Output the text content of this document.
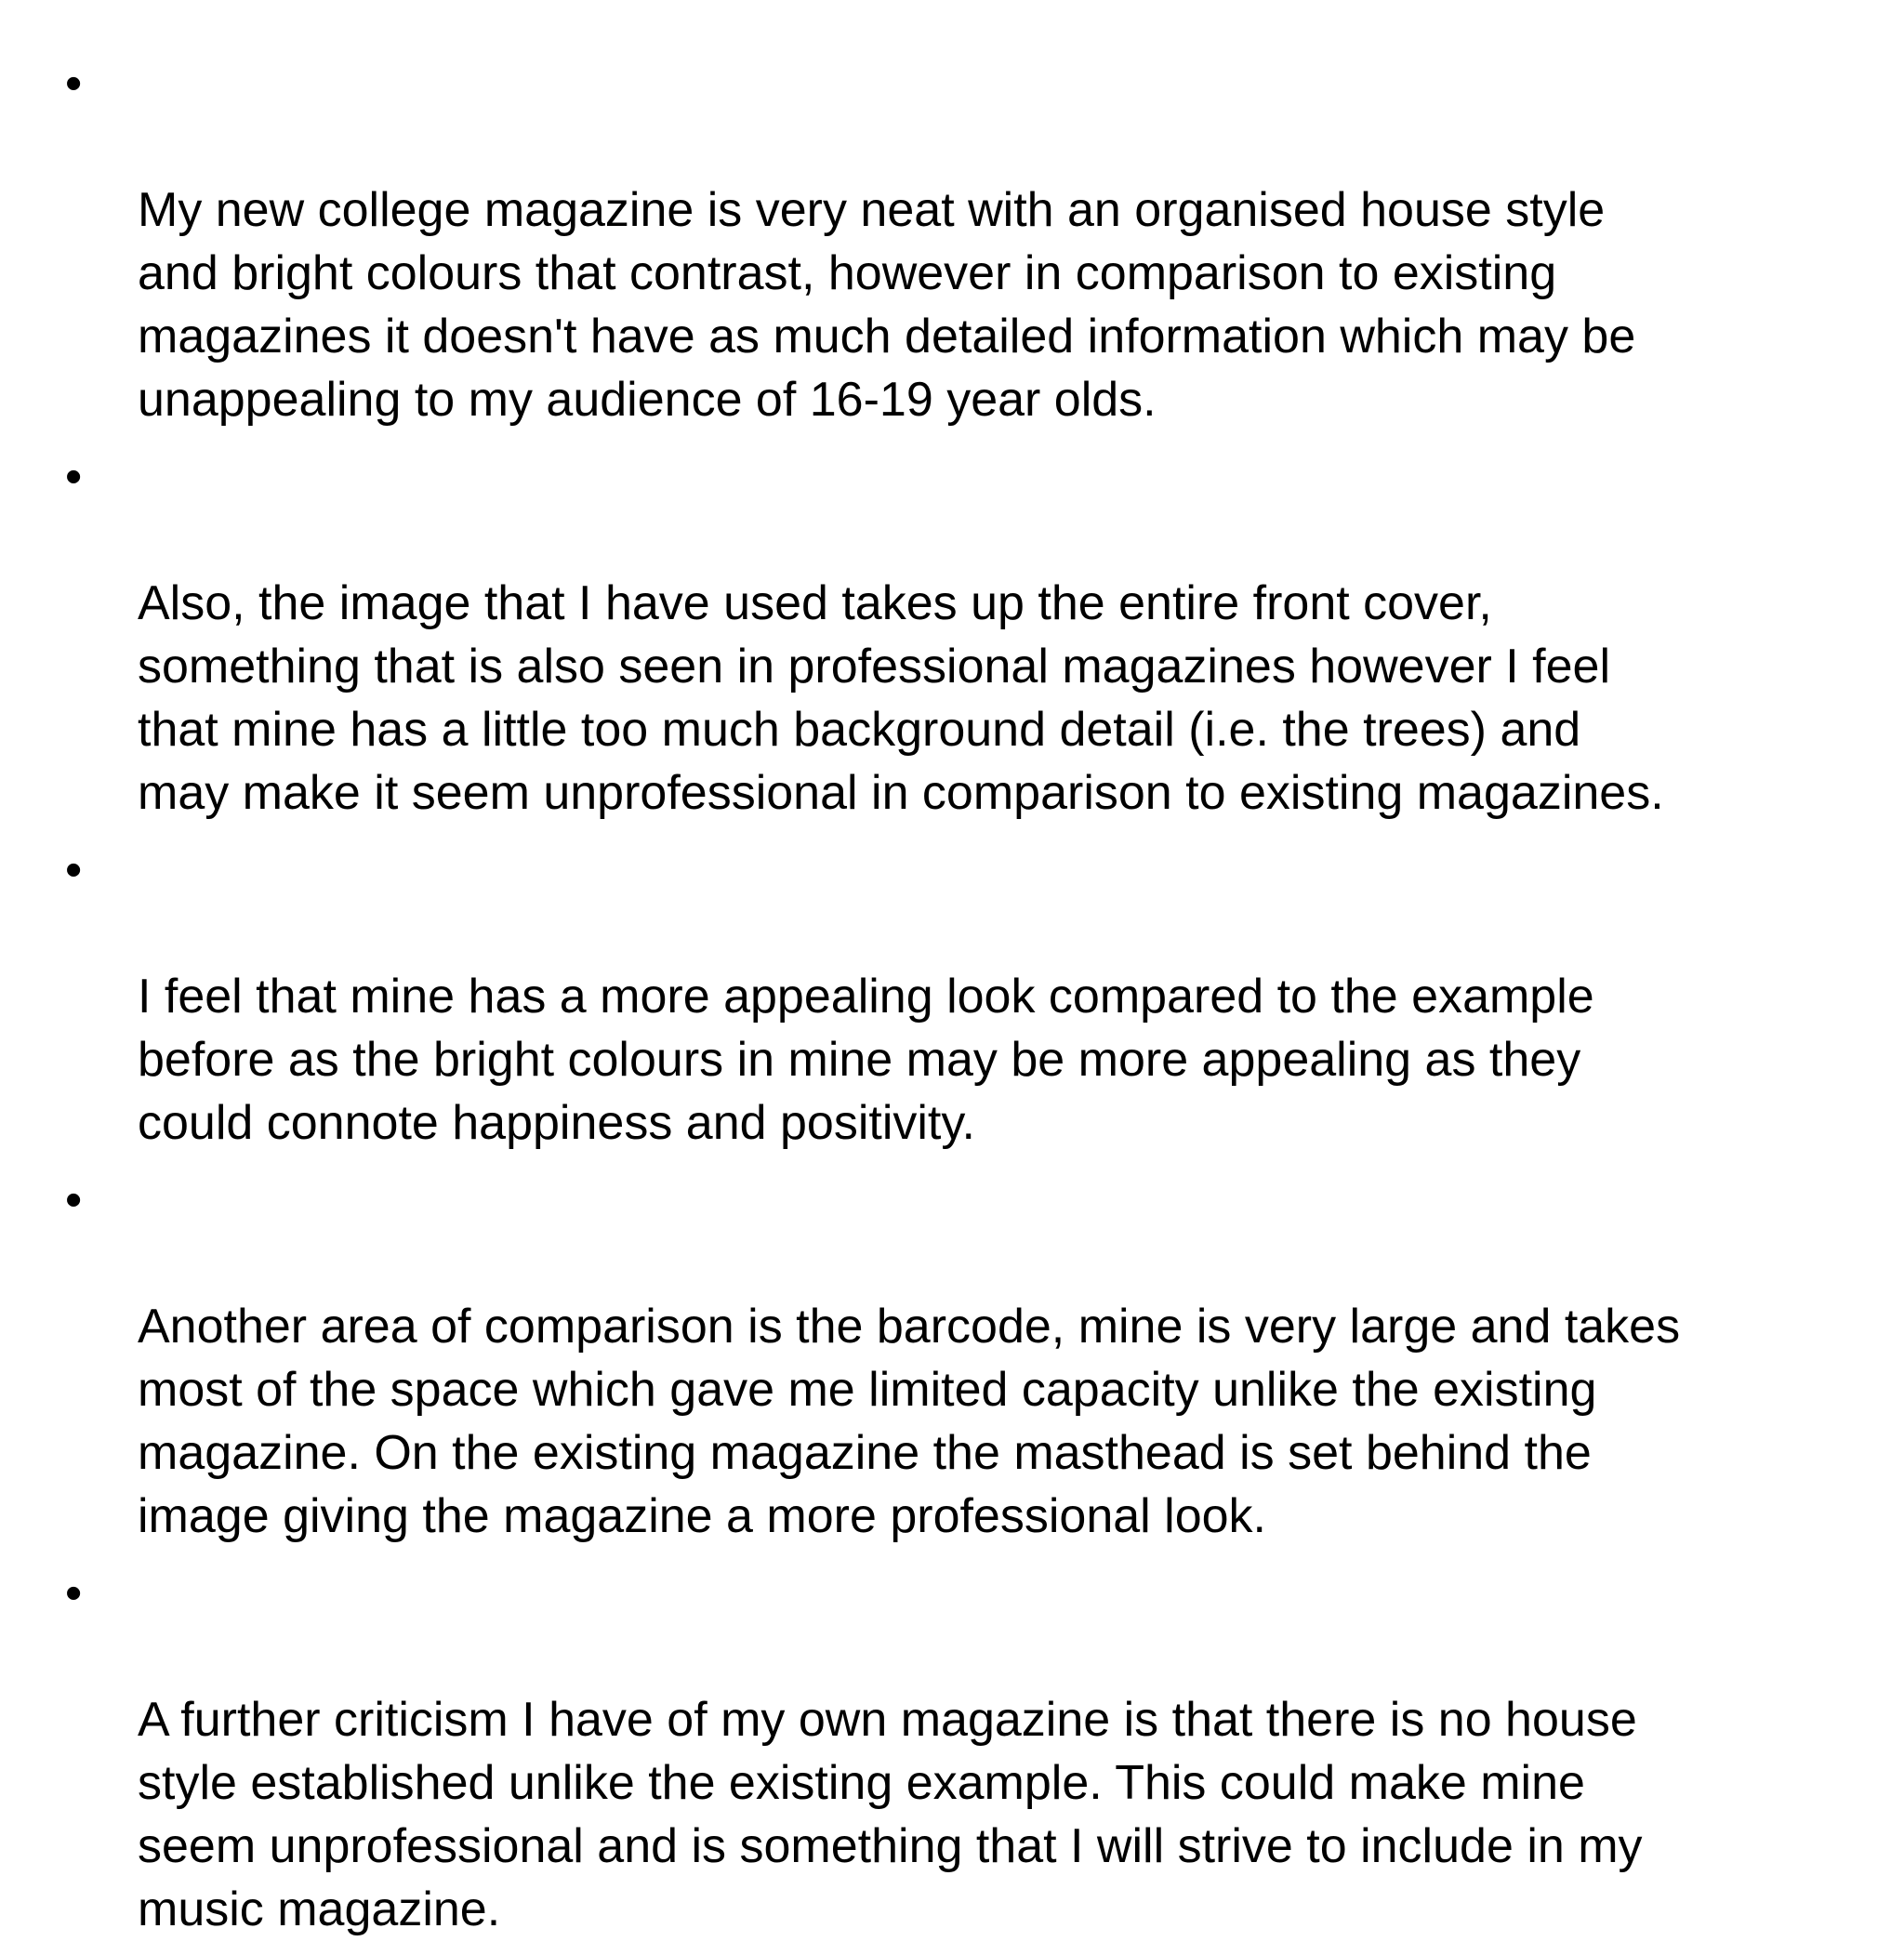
•

My new college magazine is very neat with an organised house style
and bright colours that contrast, however in comparison to existing
magazines it doesn't have as much detailed information which may be
unappealing to my audience of 16-19 year olds.

•

Also, the image that I have used takes up the entire front cover,
something that is also seen in professional magazines however I feel
that mine has a little too much background detail (i.e. the trees) and
may make it seem unprofessional in comparison to existing magazines.

•

I feel that mine has a more appealing look compared to the example
before as the bright colours in mine may be more appealing as they
could connote happiness and positivity.

•

Another area of comparison is the barcode, mine is very large and takes
most of the space which gave me limited capacity unlike the existing
magazine. On the existing magazine the masthead is set behind the
image giving the magazine a more professional look.

•

A further criticism I have of my own magazine is that there is no house
style established unlike the existing example. This could make mine
seem unprofessional and is something that I will strive to include in my
music magazine.
